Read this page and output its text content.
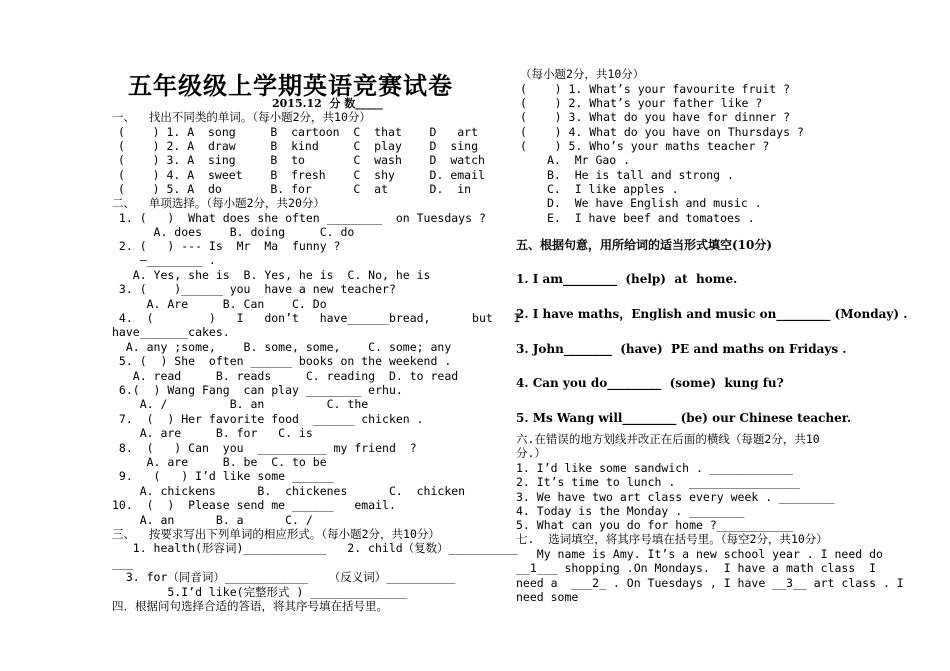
五年级级上学期英语竞赛试卷
2015.12  分 数_____
一、  找出不同类的单词。（每小题2分，共10分）
(    ) 1. A  song     B  cartoon  C  that    D   art
(    ) 2. A  draw     B  kind     C  play    D  sing
(    ) 3. A  sing     B  to       C  wash    D  watch
(    ) 4. A  sweet    B  fresh    C  shy     D. email
(    ) 5. A  do       B. for      C  at      D.  in
二、  单项选择。（每小题2分，共20分）
1. (   )  What does she often ________  on Tuesdays ?
A. does    B. doing     C. do
2. (   ) --- Is  Mr  Ma  funny ?
—________ .
A. Yes, she is  B. Yes, he is  C. No, he is
3. (    )______ you  have a new teacher?
A. Are     B. Can    C. Do
4.  (        )   I   don’t   have______bread,      but   I
have_______cakes.
A. any ;some,    B. some, some,    C. some; any
5. (  ) She  often ______ books on the weekend .
A. read     B. reads     C. reading  D. to read
6.(  ) Wang Fang  can play ________ erhu.
A. /         B. an         C. the
7.  (  ) Her favorite food  ______ chicken .
A. are     B. for   C. is
8.  (   ) Can  you  __________ my friend  ?
A. are     B. be  C. to be
9.   (   ) I’d like some ______
A. chickens      B.  chickenes      C.  chicken
10.  (  )  Please send me ______   email.
A. an      B. a      C. /
三、  按要求写出下列单词的相应形式。（每小题2分，共10分）
1. health(形容词)____________   2. child（复数）__________
___
3. for（同音词）____________   （反义词）__________
5.I’d like(完整形式 ) ______________
四．根据问句选择合适的答语，将其序号填在括号里。
（每小题2分，共10分）
(    ) 1. What’s your favourite fruit ?
(    ) 2. What’s your father like ?
(    ) 3. What do you have for dinner ?
(    ) 4. What do you have on Thursdays ?
(    ) 5. Who’s your maths teacher ?
A.  Mr Gao .
B.  He is tall and strong .
C.  I like apples .
D.  We have English and music .
E.  I have beef and tomatoes .
五、根据句意，用所给词的适当形式填空(10分)
1. I am_________  (help)  at  home.
2. I have maths，English and music on_________ (Monday) .
3. John________  (have)  PE and maths on Fridays .
4. Can you do_________  (some)  kung fu?
5. Ms Wang will_________ (be) our Chinese teacher.
六.在错误的地方划线并改正在后面的横线（每题2分，共10
分.）
1. I’d like some sandwich . ____________
2. It’s time to lunch .  ________________
3. We have two art class every week . ________
4. Today is the Monday . ________
5. What can you do for home ?___________
七.  选词填空，将其序号填在括号里。（每空2分，共10分）
My name is Amy. It’s a new school year . I need do
__1___ shopping .On Mondays.  I have a math class  I
need a  ___2_ . On Tuesdays , I have __3__ art class . I
need some
